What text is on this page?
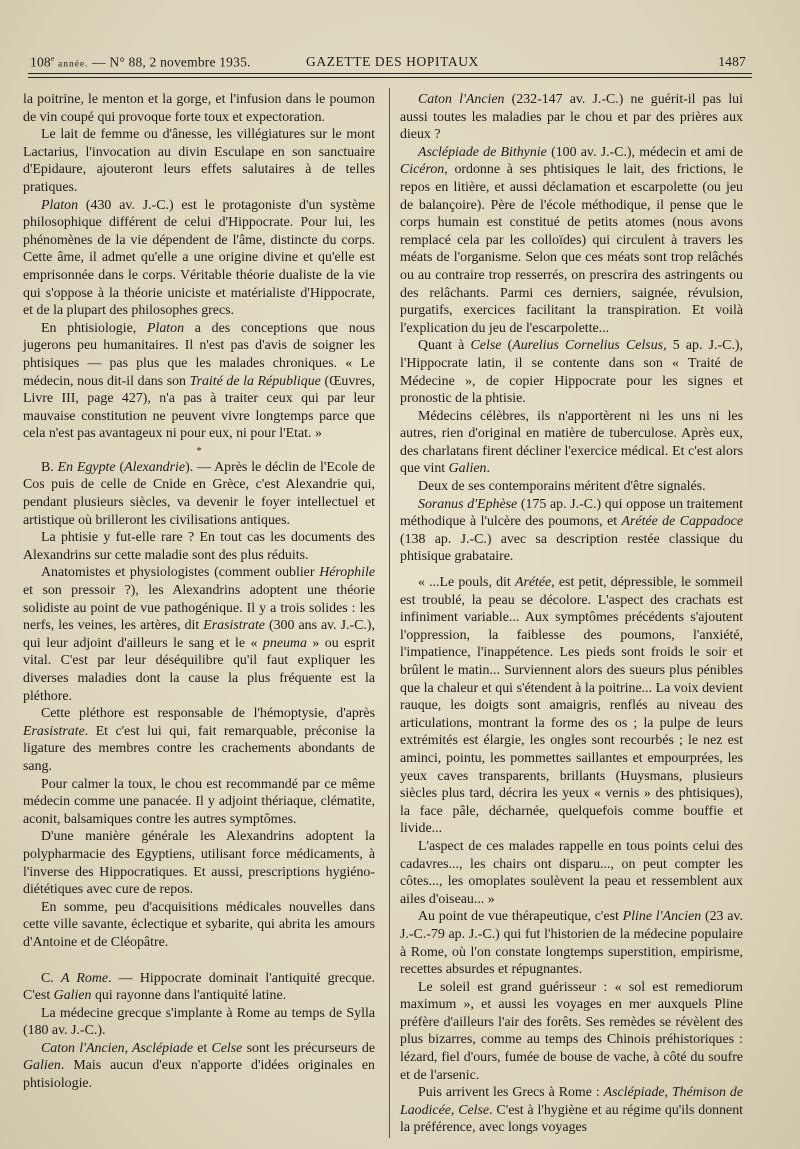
108e année. — N° 88, 2 novembre 1935.	GAZETTE DES HOPITAUX	1487

la poitrine, le menton et la gorge, et l'infusion dans le poumon de vin coupé qui provoque forte toux et expectoration.

Le lait de femme ou d'ânesse, les villégiatures sur le mont Lactarius, l'invocation au divin Esculape en son sanctuaire d'Epidaure, ajouteront leurs effets salutaires à de telles pratiques.

Platon (430 av. J.-C.) est le protagoniste d'un système philosophique différent de celui d'Hippocrate. Pour lui, les phénomènes de la vie dépendent de l'âme, distincte du corps. Cette âme, il admet qu'elle a une origine divine et qu'elle est emprisonnée dans le corps. Véritable théorie dualiste de la vie qui s'oppose à la théorie uniciste et matérialiste d'Hippocrate, et de la plupart des philosophes grecs.

En phtisiologie, Platon a des conceptions que nous jugerons peu humanitaires. Il n'est pas d'avis de soigner les phtisiques — pas plus que les malades chroniques. « Le médecin, nous dit-il dans son Traité de la République (Œuvres, Livre III, page 427), n'a pas à traiter ceux qui par leur mauvaise constitution ne peuvent vivre longtemps parce que cela n'est pas avantageux ni pour eux, ni pour l'Etat. »

*

B. En Egypte (Alexandrie). — Après le déclin de l'Ecole de Cos puis de celle de Cnide en Grèce, c'est Alexandrie qui, pendant plusieurs siècles, va devenir le foyer intellectuel et artistique où brilleront les civilisations antiques.

La phtisie y fut-elle rare ? En tout cas les documents des Alexandrins sur cette maladie sont des plus réduits.

Anatomistes et physiologistes (comment oublier Hérophile et son pressoir ?), les Alexandrins adoptent une théorie solidiste au point de vue pathogénique. Il y a trois solides : les nerfs, les veines, les artères, dit Erasistrate (300 ans av. J.-C.), qui leur adjoint d'ailleurs le sang et le « pneuma » ou esprit vital. C'est par leur déséquilibre qu'il faut expliquer les diverses maladies dont la cause la plus fréquente est la pléthore.

Cette pléthore est responsable de l'hémoptysie, d'après Erasistrate. Et c'est lui qui, fait remarquable, préconise la ligature des membres contre les crachements abondants de sang.

Pour calmer la toux, le chou est recommandé par ce même médecin comme une panacée. Il y adjoint thériaque, clématite, aconit, balsamiques contre les autres symptômes.

D'une manière générale les Alexandrins adoptent la polypharmacie des Egyptiens, utilisant force médicaments, à l'inverse des Hippocratiques. Et aussi, prescriptions hygiéno-diététiques avec cure de repos.

En somme, peu d'acquisitions médicales nouvelles dans cette ville savante, éclectique et sybarite, qui abrita les amours d'Antoine et de Cléopâtre.

C. A Rome. — Hippocrate dominait l'antiquité grecque. C'est Galien qui rayonne dans l'antiquité latine.

La médecine grecque s'implante à Rome au temps de Sylla (180 av. J.-C.).

Caton l'Ancien, Asclépiade et Celse sont les précurseurs de Galien. Mais aucun d'eux n'apporte d'idées originales en phtisiologie.

Caton l'Ancien (232-147 av. J.-C.) ne guérit-il pas lui aussi toutes les maladies par le chou et par des prières aux dieux ?

Asclépiade de Bithynie (100 av. J.-C.), médecin et ami de Cicéron, ordonne à ses phtisiques le lait, des frictions, le repos en litière, et aussi déclamation et escarpolette (ou jeu de balançoire). Père de l'école méthodique, il pense que le corps humain est constitué de petits atomes (nous avons remplacé cela par les colloïdes) qui circulent à travers les méats de l'organisme. Selon que ces méats sont trop relâchés ou au contraire trop resserrés, on prescrira des astringents ou des relâchants. Parmi ces derniers, saignée, révulsion, purgatifs, exercices facilitant la transpiration. Et voilà l'explication du jeu de l'escarpolette...

Quant à Celse (Aurelius Cornelius Celsus, 5 ap. J.-C.), l'Hippocrate latin, il se contente dans son « Traité de Médecine », de copier Hippocrate pour les signes et pronostic de la phtisie.

Médecins célèbres, ils n'apportèrent ni les uns ni les autres, rien d'original en matière de tuberculose. Après eux, des charlatans firent décliner l'exercice médical. Et c'est alors que vint Galien.

Deux de ses contemporains méritent d'être signalés.

Soranus d'Ephèse (175 ap. J.-C.) qui oppose un traitement méthodique à l'ulcère des poumons, et Arétée de Cappadoce (138 ap. J.-C.) avec sa description restée classique du phtisique grabataire.

« ...Le pouls, dit Arétée, est petit, dépressible, le sommeil est troublé, la peau se décolore. L'aspect des crachats est infiniment variable... Aux symptômes précédents s'ajoutent l'oppression, la faiblesse des poumons, l'anxiété, l'impatience, l'inappétence. Les pieds sont froids le soir et brûlent le matin... Surviennent alors des sueurs plus pénibles que la chaleur et qui s'étendent à la poitrine... La voix devient rauque, les doigts sont amaigris, renflés au niveau des articulations, montrant la forme des os ; la pulpe de leurs extrémités est élargie, les ongles sont recourbés ; le nez est aminci, pointu, les pommettes saillantes et empourprées, les yeux caves transparents, brillants (Huysmans, plusieurs siècles plus tard, décrira les yeux « vernis » des phtisiques), la face pâle, décharnée, quelquefois comme bouffie et livide...

L'aspect de ces malades rappelle en tous points celui des cadavres..., les chairs ont disparu..., on peut compter les côtes..., les omoplates soulèvent la peau et ressemblent aux ailes d'oiseau... »

Au point de vue thérapeutique, c'est Pline l'Ancien (23 av. J.-C.-79 ap. J.-C.) qui fut l'historien de la médecine populaire à Rome, où l'on constate longtemps superstition, empirisme, recettes absurdes et répugnantes.

Le soleil est grand guérisseur : « sol est remediorum maximum », et aussi les voyages en mer auxquels Pline préfère d'ailleurs l'air des forêts. Ses remèdes se révèlent des plus bizarres, comme au temps des Chinois préhistoriques : lézard, fiel d'ours, fumée de bouse de vache, à côté du soufre et de l'arsenic.

Puis arrivent les Grecs à Rome : Asclépiade, Thémison de Laodicée, Celse. C'est à l'hygiène et au régime qu'ils donnent la préférence, avec longs voyages
